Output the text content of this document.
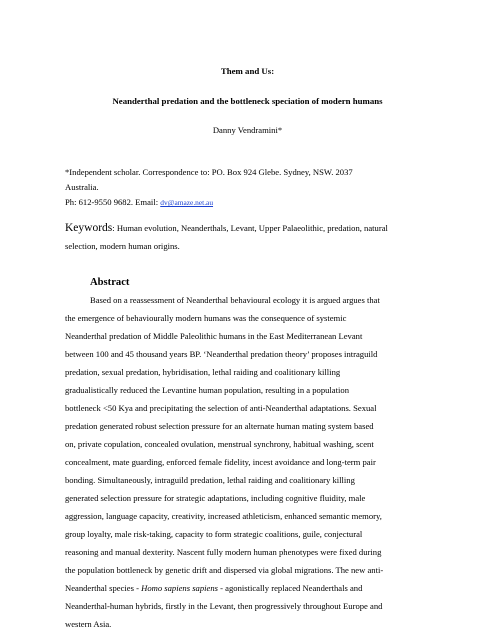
Them and Us:
Neanderthal predation and the bottleneck speciation of modern humans
Danny Vendramini*
*Independent scholar. Correspondence to: PO. Box 924 Glebe. Sydney, NSW. 2037
Australia.
Ph: 612-9550 9682. Email: dv@amaze.net.au
Keywords: Human evolution, Neanderthals, Levant, Upper Palaeolithic, predation, natural
selection, modern human origins.
Abstract
Based on a reassessment of Neanderthal behavioural ecology it is argued argues that
the emergence of behaviourally modern humans was the consequence of systemic
Neanderthal predation of Middle Paleolithic humans in the East Mediterranean Levant
between 100 and 45 thousand years BP. ‘Neanderthal predation theory’ proposes intraguild
predation, sexual predation, hybridisation, lethal raiding and coalitionary killing
gradualistically reduced the Levantine human population, resulting in a population
bottleneck <50 Kya and precipitating the selection of anti-Neanderthal adaptations. Sexual
predation generated robust selection pressure for an alternate human mating system based
on, private copulation, concealed ovulation, menstrual synchrony, habitual washing, scent
concealment, mate guarding, enforced female fidelity, incest avoidance and long-term pair
bonding. Simultaneously, intraguild predation, lethal raiding and coalitionary killing
generated selection pressure for strategic adaptations, including cognitive fluidity, male
aggression, language capacity, creativity, increased athleticism, enhanced semantic memory,
group loyalty, male risk-taking, capacity to form strategic coalitions, guile, conjectural
reasoning and manual dexterity. Nascent fully modern human phenotypes were fixed during
the population bottleneck by genetic drift and dispersed via global migrations. The new anti-
Neanderthal species - Homo sapiens sapiens - agonistically replaced Neanderthals and
Neanderthal-human hybrids, firstly in the Levant, then progressively throughout Europe and
western Asia.
